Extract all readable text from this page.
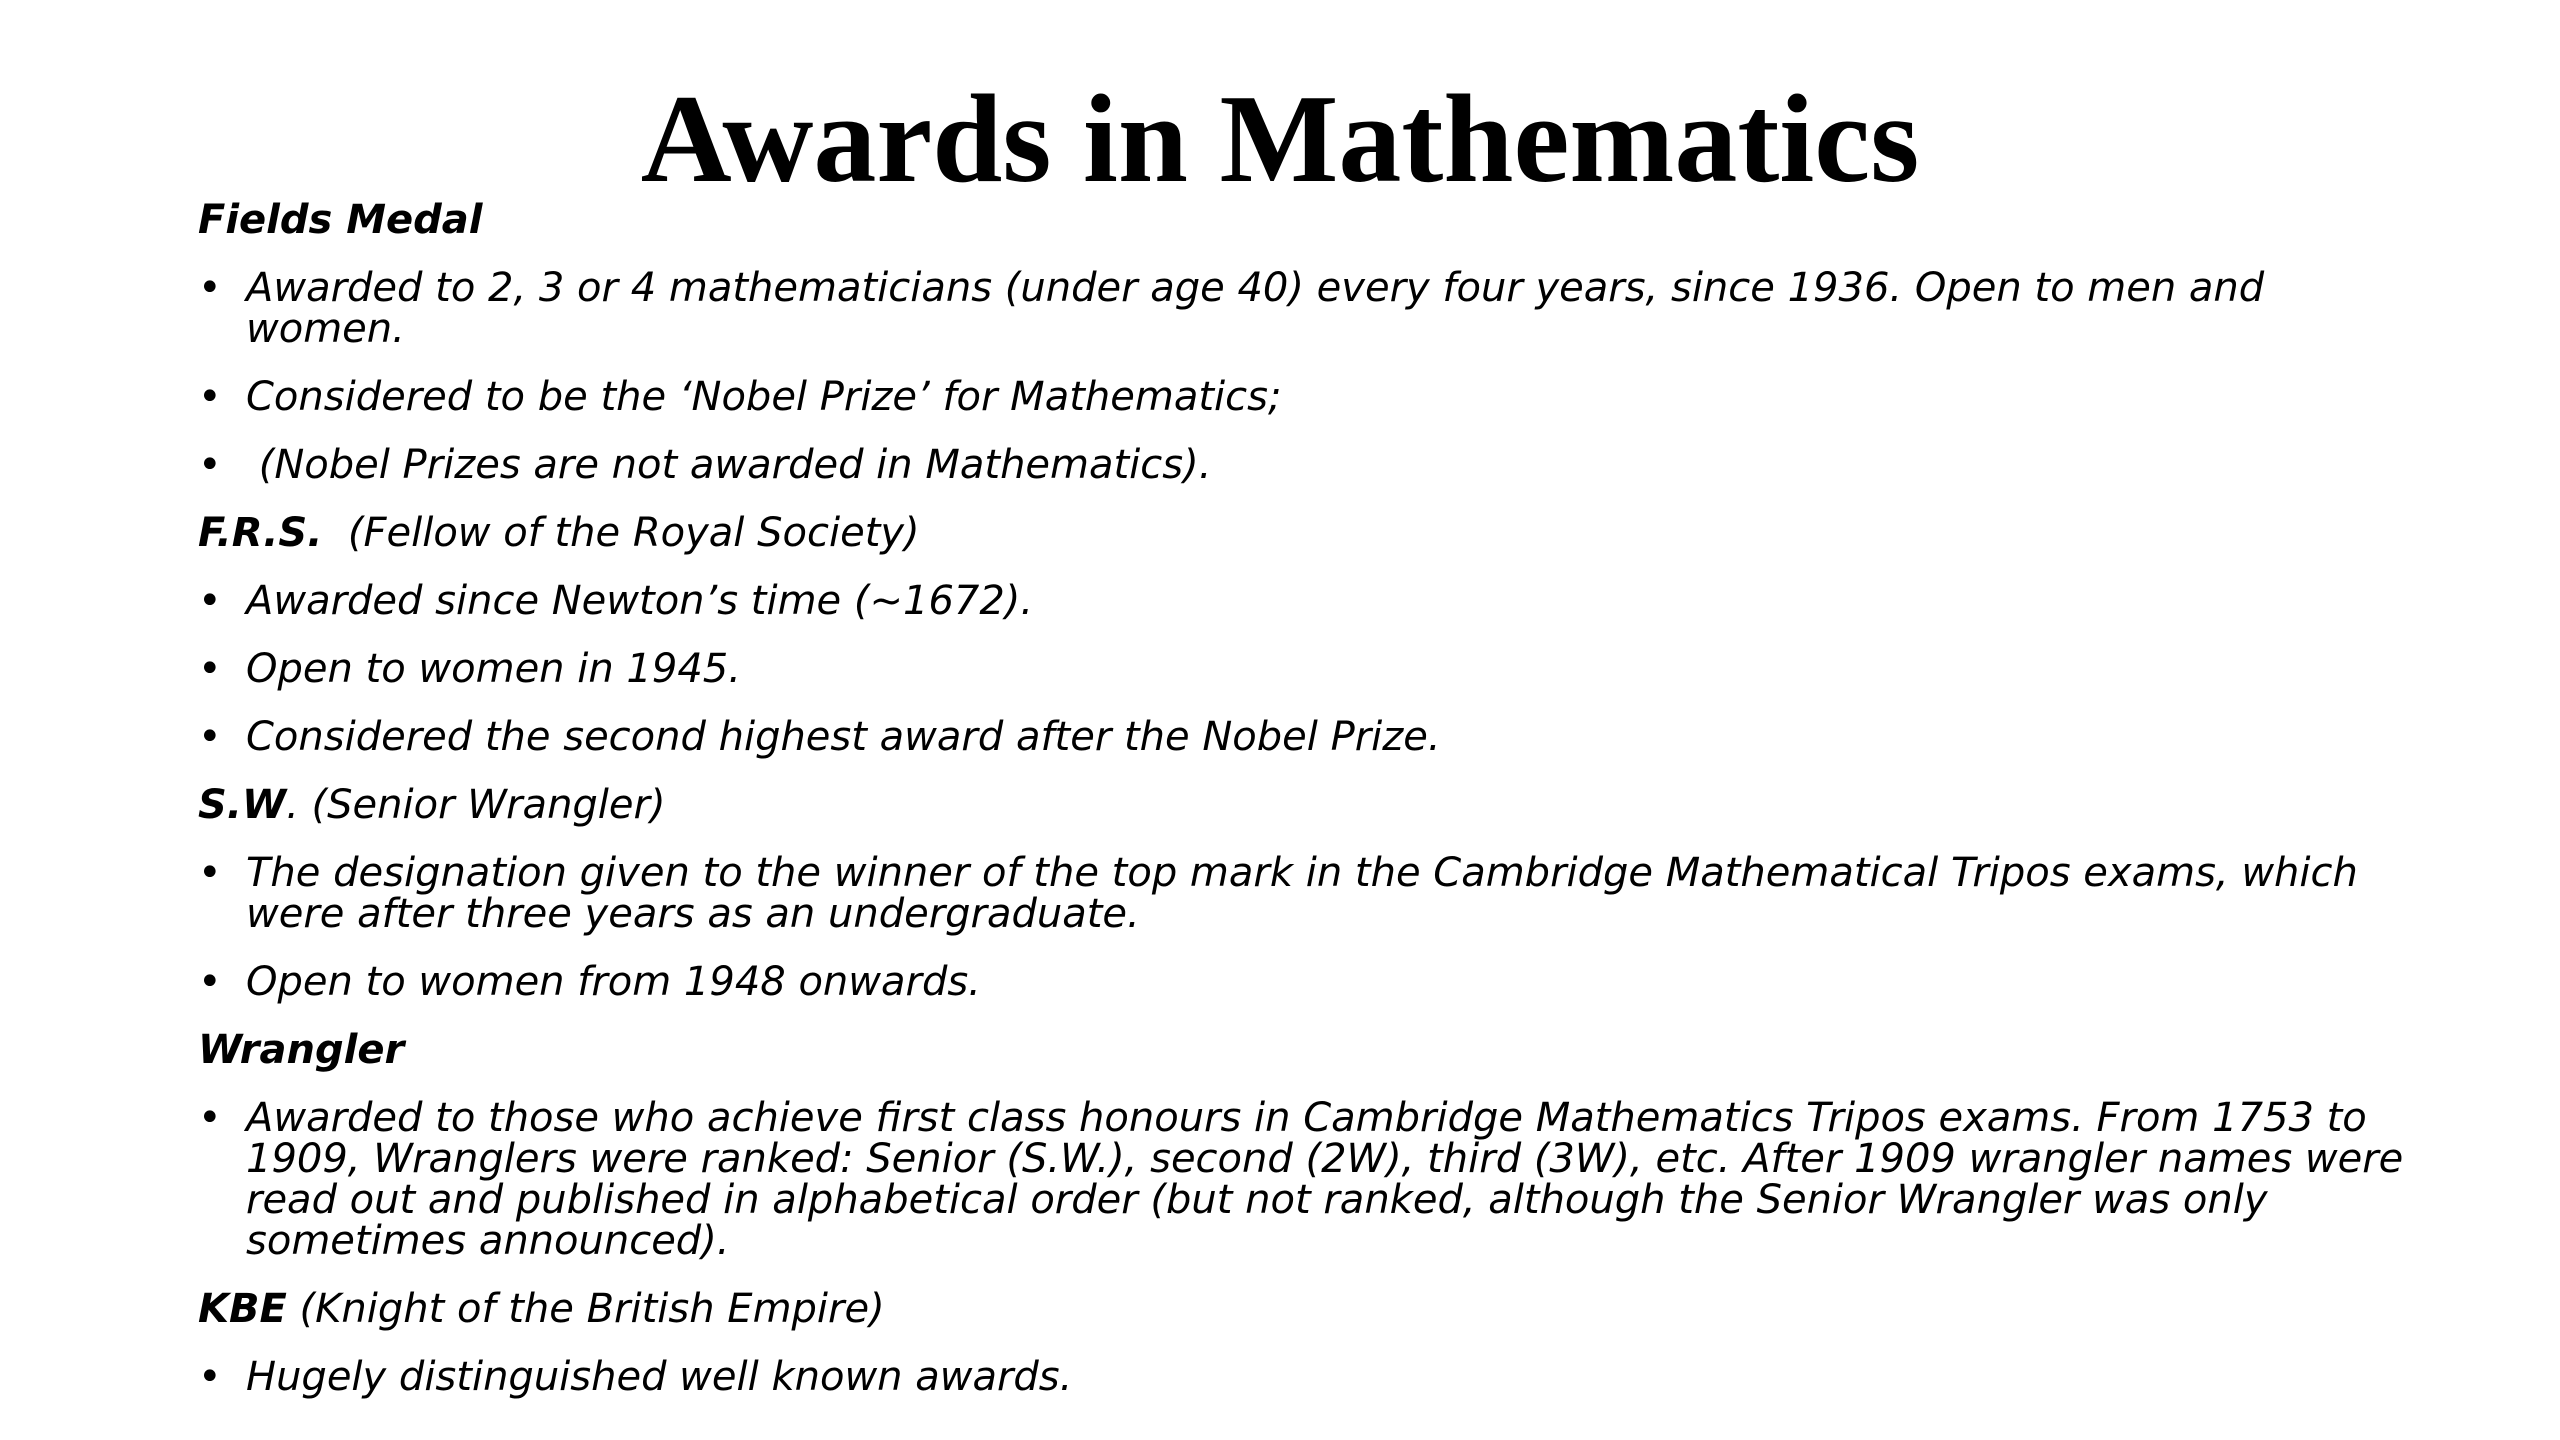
Awards in Mathematics
Fields Medal
• Awarded to 2, 3 or 4 mathematicians (under age 40) every four years, since 1936. Open to men and women.
• Considered to be the ‘Nobel Prize’ for Mathematics;
• (Nobel Prizes are not awarded in Mathematics).
F.R.S.  (Fellow of the Royal Society)
• Awarded since Newton’s time (~1672).
• Open to women in 1945.
• Considered the second highest award after the Nobel Prize.
S.W. (Senior Wrangler)
• The designation given to the winner of the top mark in the Cambridge Mathematical Tripos exams, which were after three years as an undergraduate.
• Open to women from 1948 onwards.
Wrangler
• Awarded to those who achieve first class honours in Cambridge Mathematics Tripos exams. From 1753 to 1909, Wranglers were ranked: Senior (S.W.), second (2W), third (3W), etc. After 1909 wrangler names were read out and published in alphabetical order (but not ranked, although the Senior Wrangler was only sometimes announced).
KBE (Knight of the British Empire)
• Hugely distinguished well known awards.
